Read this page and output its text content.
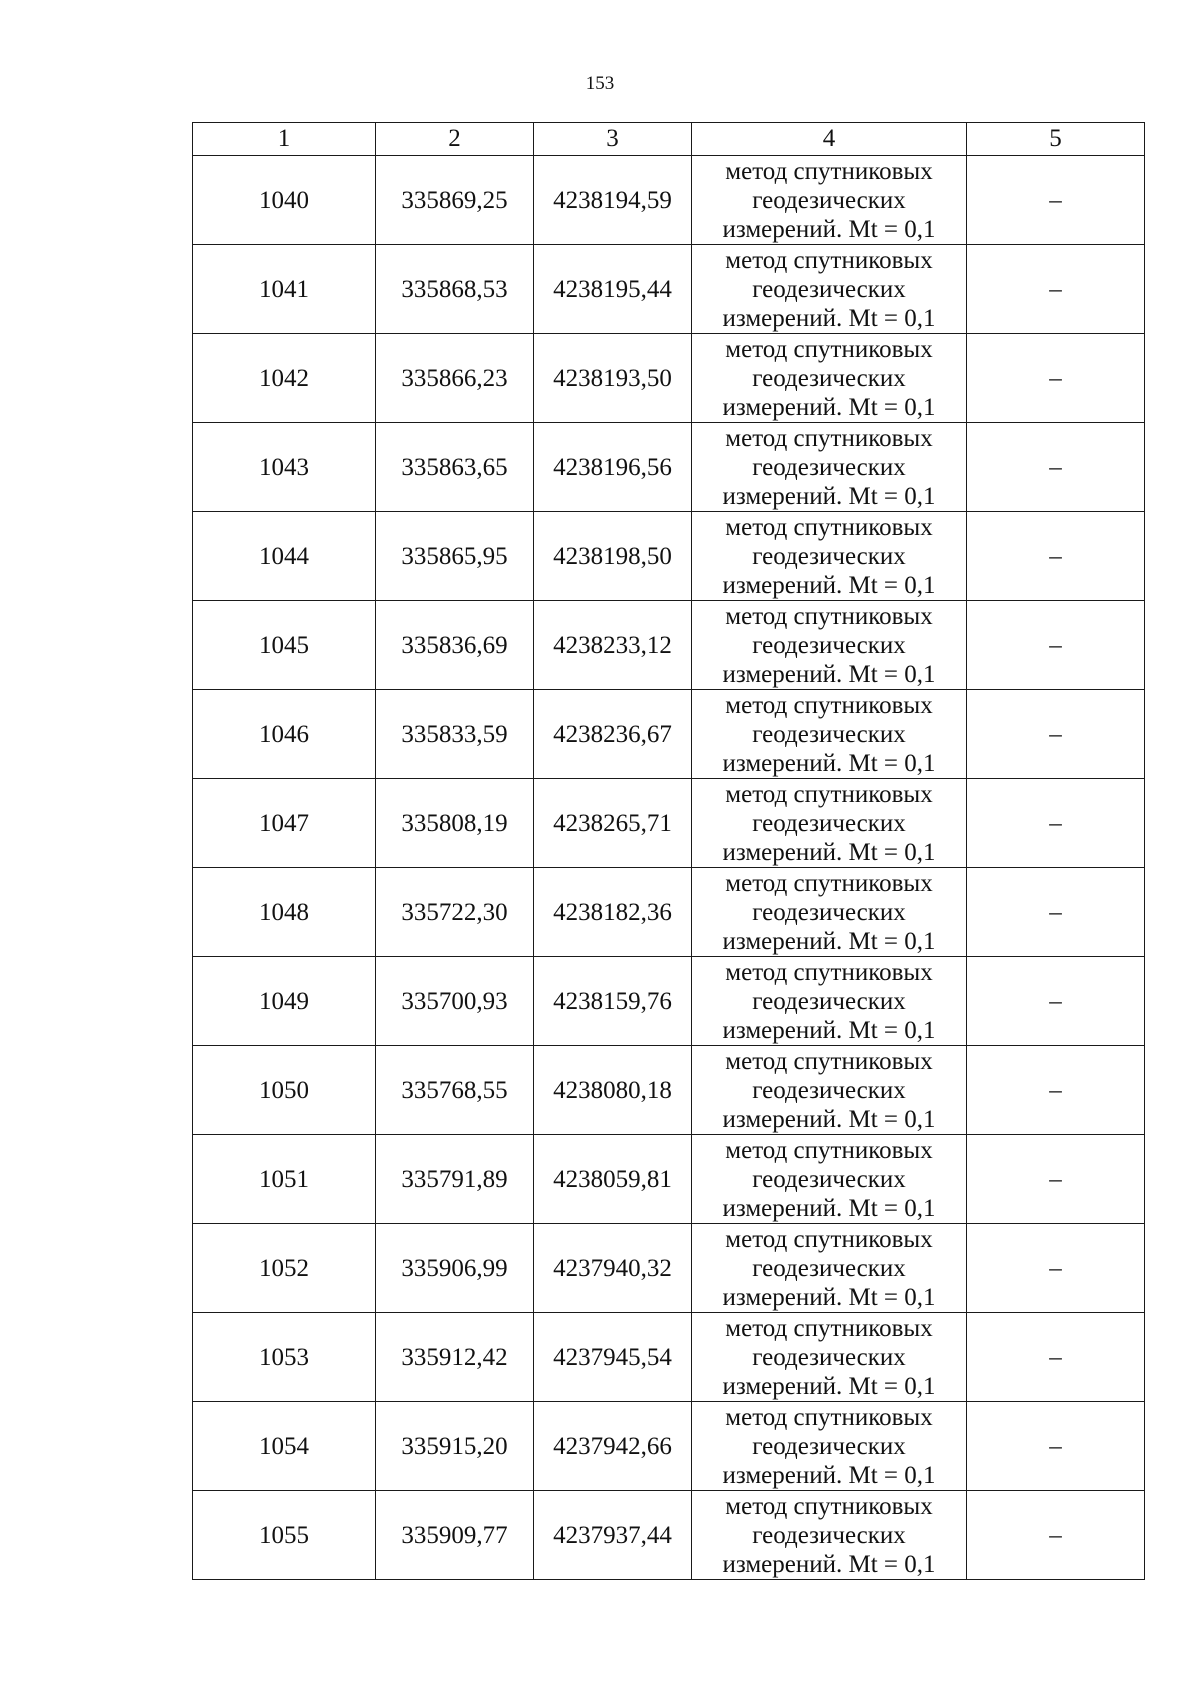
153
1	2	3	4	5
1040	335869,25	4238194,59	метод спутниковых геодезических измерений. Mt = 0,1	–
1041	335868,53	4238195,44	метод спутниковых геодезических измерений. Mt = 0,1	–
1042	335866,23	4238193,50	метод спутниковых геодезических измерений. Mt = 0,1	–
1043	335863,65	4238196,56	метод спутниковых геодезических измерений. Mt = 0,1	–
1044	335865,95	4238198,50	метод спутниковых геодезических измерений. Mt = 0,1	–
1045	335836,69	4238233,12	метод спутниковых геодезических измерений. Mt = 0,1	–
1046	335833,59	4238236,67	метод спутниковых геодезических измерений. Mt = 0,1	–
1047	335808,19	4238265,71	метод спутниковых геодезических измерений. Mt = 0,1	–
1048	335722,30	4238182,36	метод спутниковых геодезических измерений. Mt = 0,1	–
1049	335700,93	4238159,76	метод спутниковых геодезических измерений. Mt = 0,1	–
1050	335768,55	4238080,18	метод спутниковых геодезических измерений. Mt = 0,1	–
1051	335791,89	4238059,81	метод спутниковых геодезических измерений. Mt = 0,1	–
1052	335906,99	4237940,32	метод спутниковых геодезических измерений. Mt = 0,1	–
1053	335912,42	4237945,54	метод спутниковых геодезических измерений. Mt = 0,1	–
1054	335915,20	4237942,66	метод спутниковых геодезических измерений. Mt = 0,1	–
1055	335909,77	4237937,44	метод спутниковых геодезических измерений. Mt = 0,1	–
